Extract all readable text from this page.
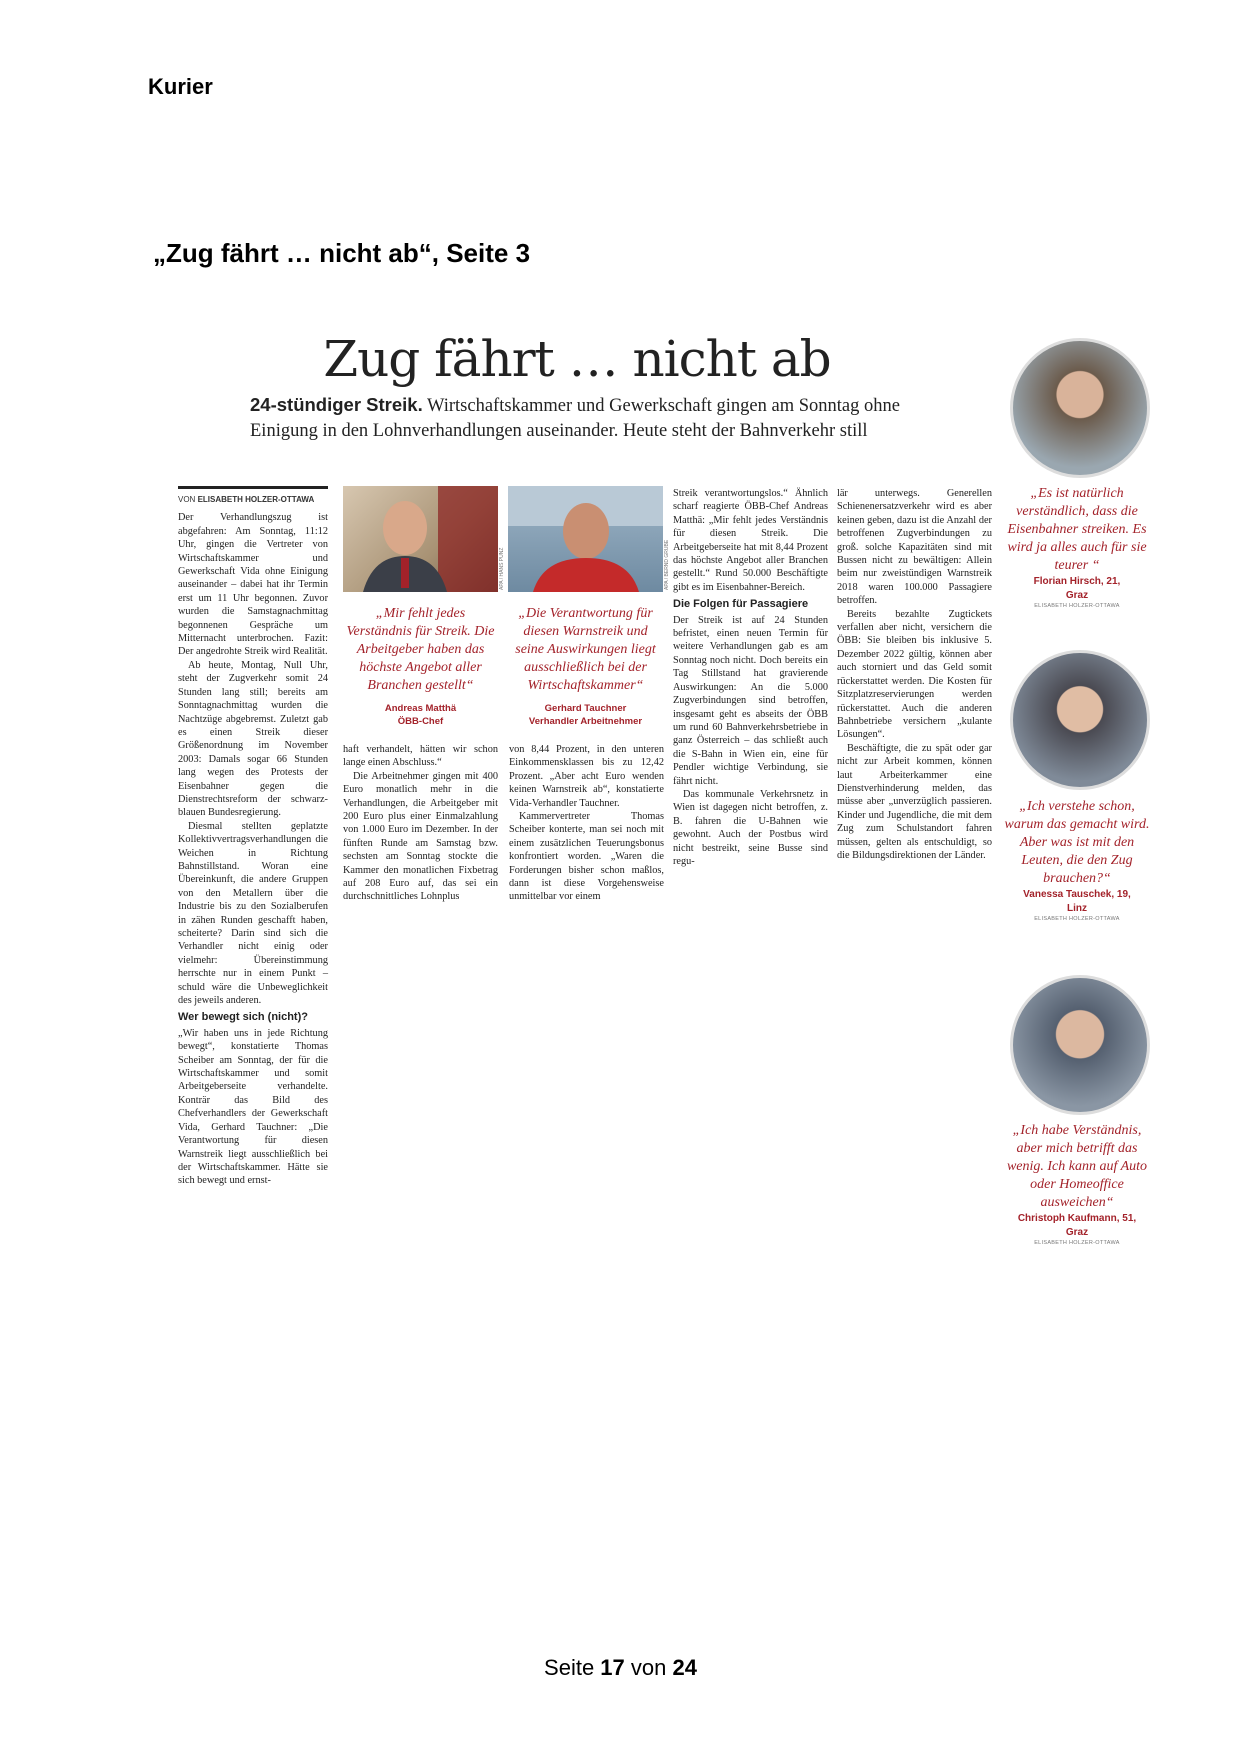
Kurier
„Zug fährt … nicht ab“, Seite 3
Zug fährt … nicht ab
24-stündiger Streik. Wirtschaftskammer und Gewerkschaft gingen am Sonntag ohne Einigung in den Lohnverhandlungen auseinander. Heute steht der Bahnverkehr still
VON ELISABETH HOLZER-OTTAWA

Der Verhandlungszug ist abgefahren: Am Sonntag, 11:12 Uhr, gingen die Vertreter von Wirtschaftskammer und Gewerkschaft Vida ohne Einigung auseinander – dabei hat ihr Termin erst um 11 Uhr begonnen. Zuvor wurden die Samstagnachmittag begonnenen Gespräche um Mitternacht unterbrochen. Fazit: Der angedrohte Streik wird Realität.

Ab heute, Montag, Null Uhr, steht der Zugverkehr somit 24 Stunden lang still; bereits am Sonntagnachmittag wurden die Nachtzüge abgebremst. Zuletzt gab es einen Streik dieser Größenordnung im November 2003: Damals sogar 66 Stunden lang wegen des Protests der Eisenbahner gegen die Dienstrechtsreform der schwarz-blauen Bundesregierung.

Diesmal stellten geplatzte Kollektivvertragsverhandlungen die Weichen in Richtung Bahnstillstand. Woran eine Übereinkunft, die andere Gruppen von den Metallern über die Industrie bis zu den Sozialberufen in zähen Runden geschafft haben, scheiterte? Darin sind sich die Verhandler nicht einig oder vielmehr: Übereinstimmung herrschte nur in einem Punkt – schuld wäre die Unbeweglichkeit des jeweils anderen.

Wer bewegt sich (nicht)?

„Wir haben uns in jede Richtung bewegt“, konstatierte Thomas Scheiber am Sonntag, der für die Wirtschaftskammer und somit Arbeitgeberseite verhandelte. Konträr das Bild des Chefverhandlers der Gewerkschaft Vida, Gerhard Tauchner: „Die Verantwortung für diesen Warnstreik liegt ausschließlich bei der Wirtschaftskammer. Hätte sie sich bewegt und ernst-

APA / HANS PUNZ	APA / BERND GRUBE
„Mir fehlt jedes Verständnis für Streik. Die Arbeitgeber haben das höchste Angebot aller Branchen gestellt“
Andreas Matthä
ÖBB-Chef
„Die Verantwortung für diesen Warnstreik und seine Auswirkungen liegt ausschließlich bei der Wirtschaftskammer“
Gerhard Tauchner
Verhandler Arbeitnehmer

haft verhandelt, hätten wir schon lange einen Abschluss.“

Die Arbeitnehmer gingen mit 400 Euro monatlich mehr in die Verhandlungen, die Arbeitgeber mit 200 Euro plus einer Einmalzahlung von 1.000 Euro im Dezember. In der fünften Runde am Samstag bzw. sechsten am Sonntag stockte die Kammer den monatlichen Fixbetrag auf 208 Euro auf, das sei ein durchschnittliches Lohnplus

von 8,44 Prozent, in den unteren Einkommensklassen bis zu 12,42 Prozent. „Aber acht Euro wenden keinen Warnstreik ab“, konstatierte Vida-Verhandler Tauchner.

Kammervertreter Thomas Scheiber konterte, man sei noch mit einem zusätzlichen Teuerungsbonus konfrontiert worden. „Waren die Forderungen bisher schon maßlos, dann ist diese Vorgehensweise unmittelbar vor einem

Streik verantwortungslos.“ Ähnlich scharf reagierte ÖBB-Chef Andreas Matthä: „Mir fehlt jedes Verständnis für diesen Streik. Die Arbeitgeberseite hat mit 8,44 Prozent das höchste Angebot aller Branchen gestellt.“ Rund 50.000 Beschäftigte gibt es im Eisenbahner-Bereich.

Die Folgen für Passagiere

Der Streik ist auf 24 Stunden befristet, einen neuen Termin für weitere Verhandlungen gab es am Sonntag noch nicht. Doch bereits ein Tag Stillstand hat gravierende Auswirkungen: An die 5.000 Zugverbindungen sind betroffen, insgesamt geht es abseits der ÖBB um rund 60 Bahnverkehrsbetriebe in ganz Österreich – das schließt auch die S-Bahn in Wien ein, eine für Pendler wichtige Verbindung, sie fährt nicht.

Das kommunale Verkehrsnetz in Wien ist dagegen nicht betroffen, z. B. fahren die U-Bahnen wie gewohnt. Auch der Postbus wird nicht bestreikt, seine Busse sind regu-

lär unterwegs. Generellen Schienenersatzverkehr wird es aber keinen geben, dazu ist die Anzahl der betroffenen Zugverbindungen zu groß. solche Kapazitäten sind mit Bussen nicht zu bewältigen: Allein beim nur zweistündigen Warnstreik 2018 waren 100.000 Passagiere betroffen.

Bereits bezahlte Zugtickets verfallen aber nicht, versichern die ÖBB: Sie bleiben bis inklusive 5. Dezember 2022 gültig, können aber auch storniert und das Geld somit rückerstattet werden. Die Kosten für Sitzplatzreservierungen werden rückerstattet. Auch die anderen Bahnbetriebe versichern „kulante Lösungen“.

Beschäftigte, die zu spät oder gar nicht zur Arbeit kommen, können laut Arbeiterkammer eine Dienstverhinderung melden, das müsse aber „unverzüglich passieren. Kinder und Jugendliche, die mit dem Zug zum Schulstandort fahren müssen, gelten als entschuldigt, so die Bildungsdirektionen der Länder.

„Es ist natürlich verständlich, dass die Eisenbahner streiken. Es wird ja alles auch für sie teurer “
Florian Hirsch, 21,
Graz
ELISABETH HOLZER-OTTAWA
„Ich verstehe schon, warum das gemacht wird. Aber was ist mit den Leuten, die den Zug brauchen?“
Vanessa Tauschek, 19,
Linz
ELISABETH HOLZER-OTTAWA
„Ich habe Verständnis, aber mich betrifft das wenig. Ich kann auf Auto oder Homeoffice ausweichen“
Christoph Kaufmann, 51,
Graz
ELISABETH HOLZER-OTTAWA
Seite 17 von 24
